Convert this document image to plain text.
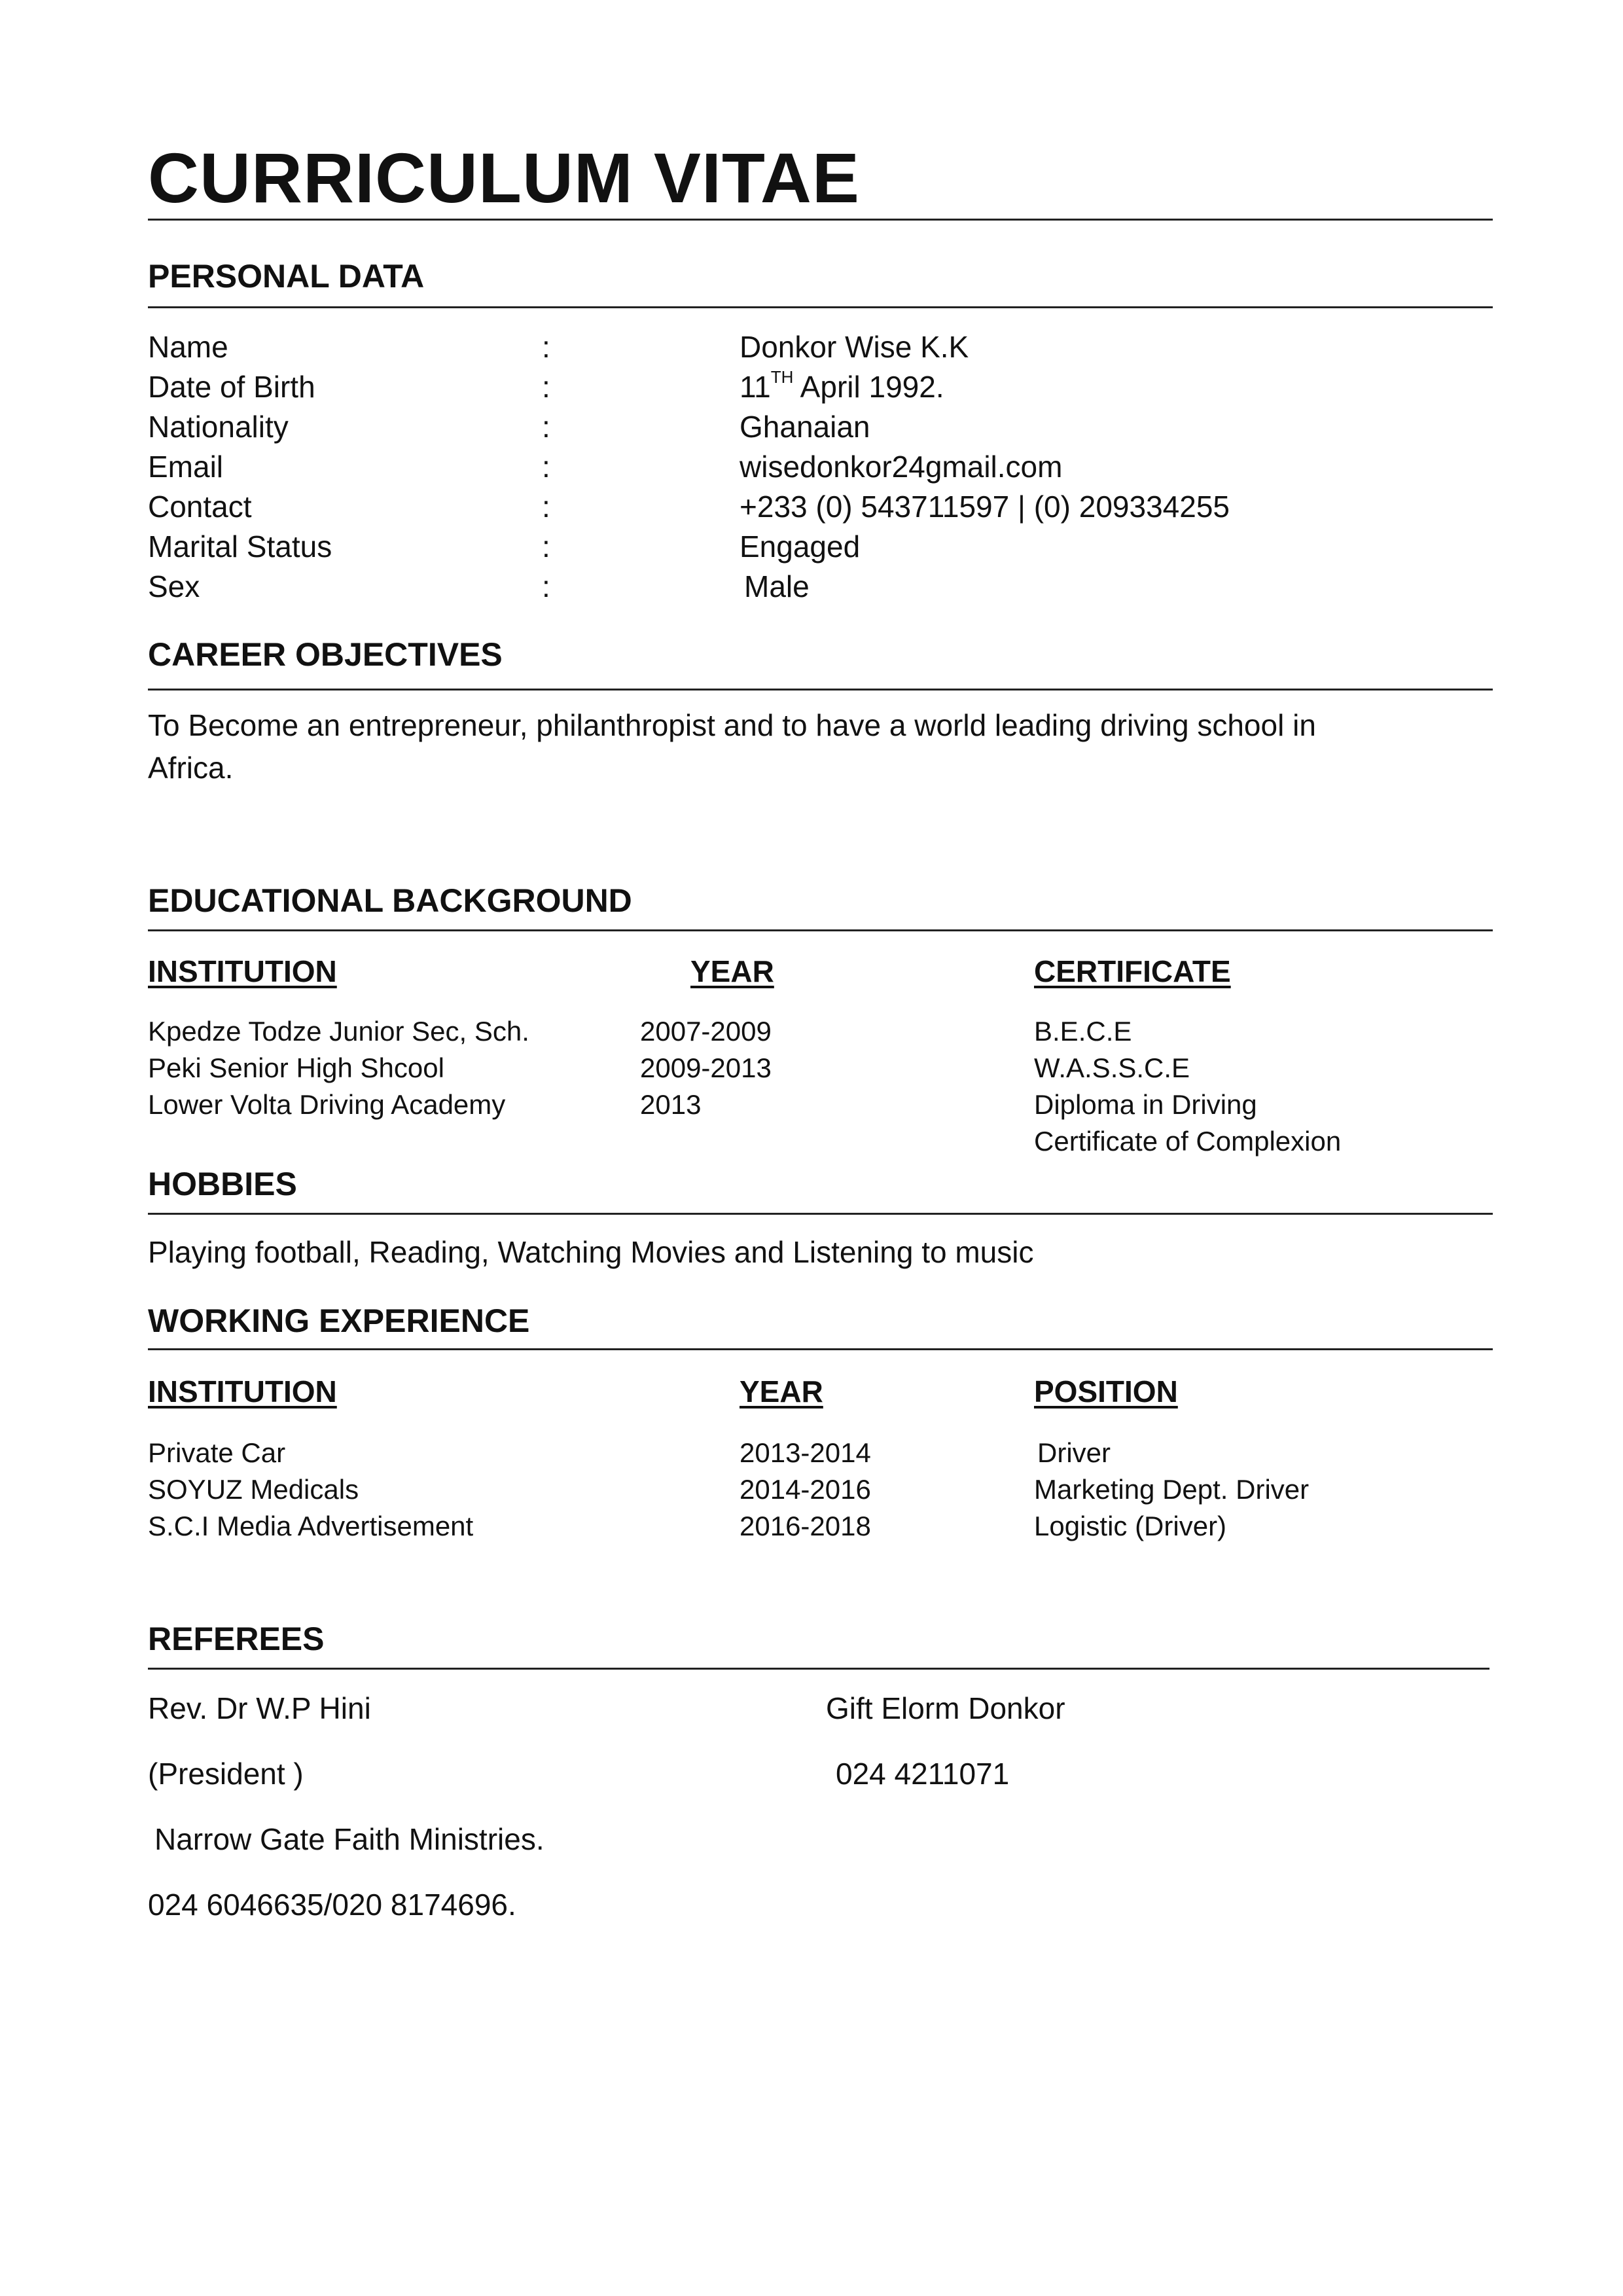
CURRICULUM VITAE
PERSONAL DATA
Name	:	Donkor Wise K.K
Date of Birth	:	11TH April 1992.
Nationality	:	Ghanaian
Email	:	wisedonkor24gmail.com
Contact	:	+233 (0) 543711597 | (0) 209334255
Marital Status	:	Engaged
Sex	:	Male
CAREER OBJECTIVES
To Become an entrepreneur, philanthropist and to have a world leading driving school in
Africa.
EDUCATIONAL BACKGROUND
INSTITUTION	YEAR	CERTIFICATE
Kpedze Todze Junior Sec, Sch.	2007-2009	B.E.C.E
Peki Senior High Shcool	2009-2013	W.A.S.S.C.E
Lower Volta Driving Academy	2013	Diploma in Driving
Certificate of Complexion
HOBBIES
Playing football, Reading, Watching Movies and Listening to music
WORKING EXPERIENCE
INSTITUTION	YEAR	POSITION
Private Car	2013-2014	Driver
SOYUZ Medicals	2014-2016	Marketing Dept. Driver
S.C.I Media Advertisement	2016-2018	Logistic (Driver)
REFEREES
Rev. Dr W.P Hini
(President )
Narrow Gate Faith Ministries.
024 6046635/020 8174696.
Gift Elorm Donkor
024 4211071
